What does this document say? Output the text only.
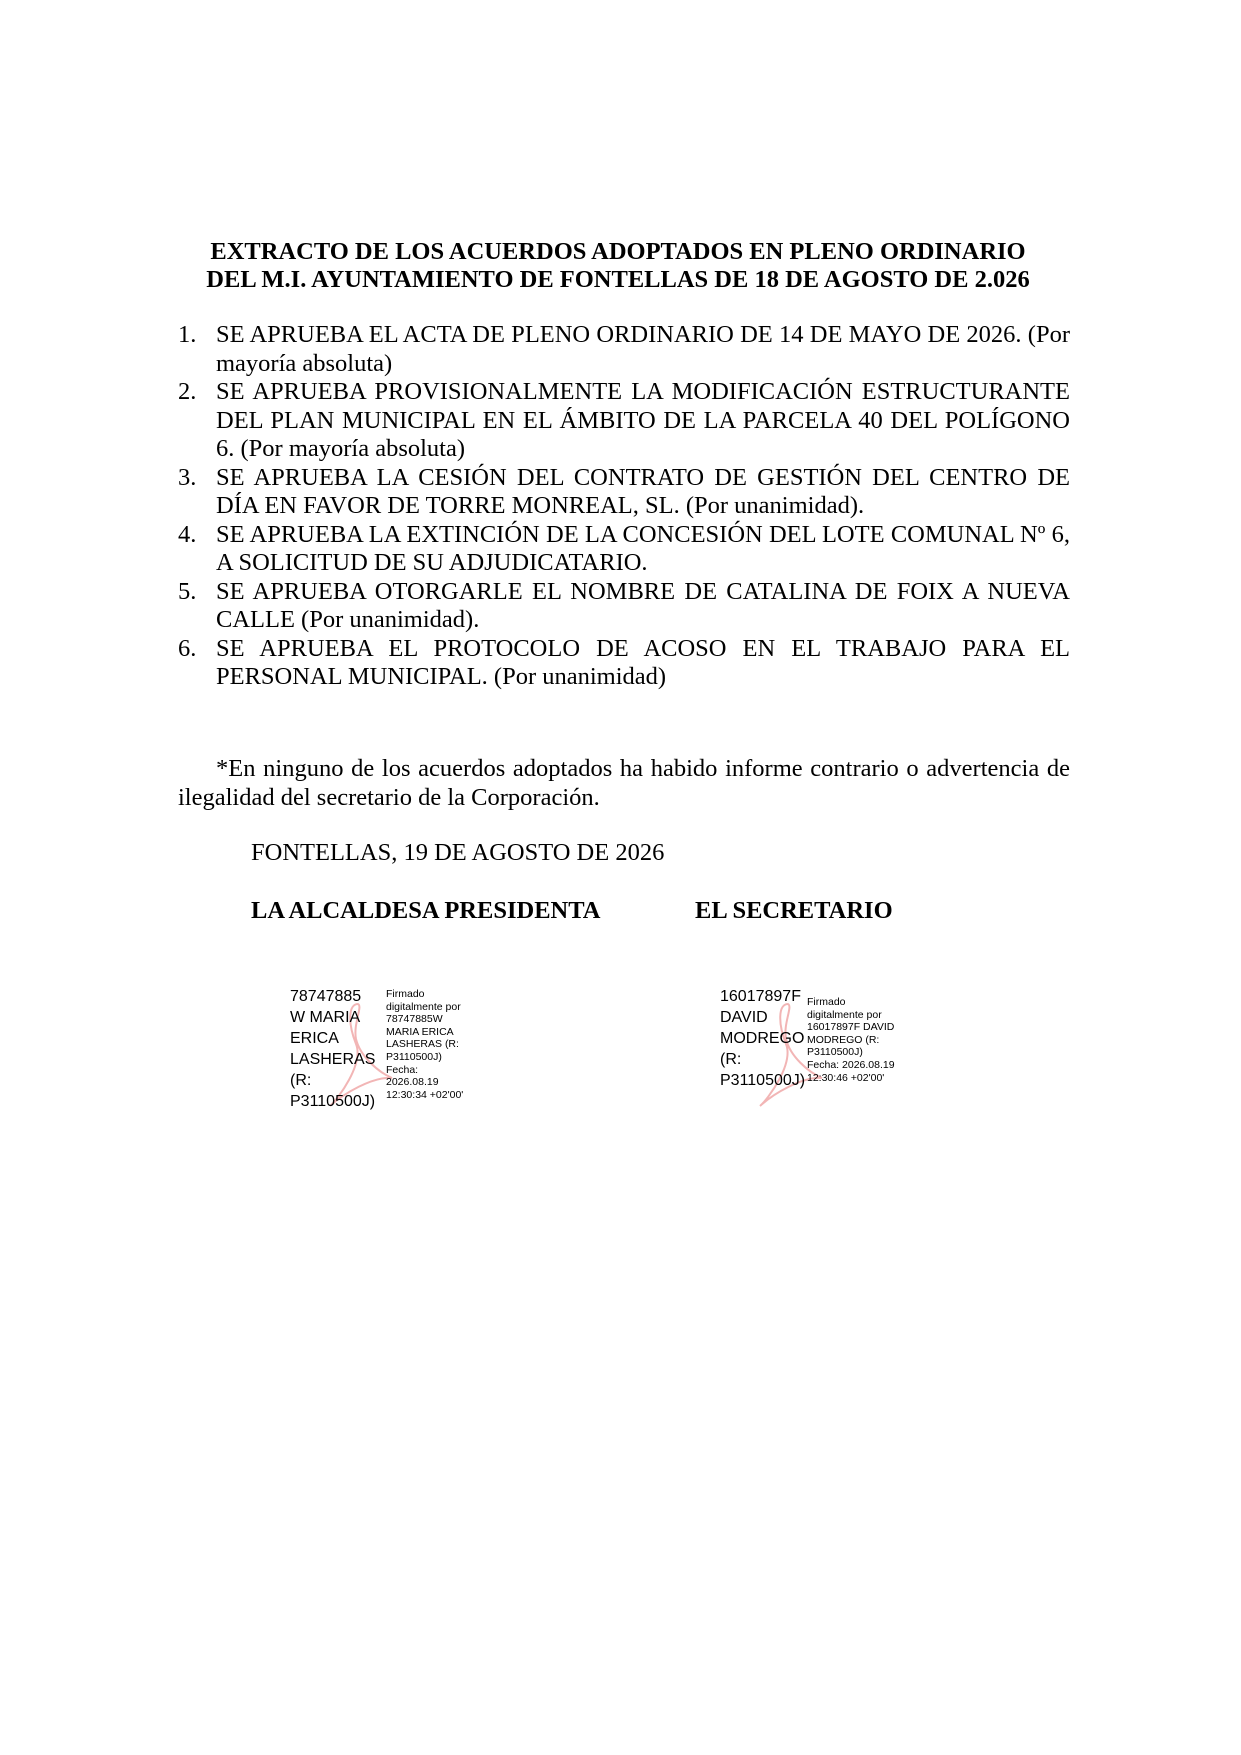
EXTRACTO DE LOS ACUERDOS ADOPTADOS EN PLENO ORDINARIO
DEL M.I. AYUNTAMIENTO DE FONTELLAS DE 18 DE AGOSTO DE 2.026
1. SE APRUEBA EL ACTA DE PLENO ORDINARIO DE 14 DE MAYO DE 2026. (Por mayoría absoluta)
2. SE APRUEBA PROVISIONALMENTE LA MODIFICACIÓN ESTRUCTURANTE DEL PLAN MUNICIPAL EN EL ÁMBITO DE LA PARCELA 40 DEL POLÍGONO 6. (Por mayoría absoluta)
3. SE APRUEBA LA CESIÓN DEL CONTRATO DE GESTIÓN DEL CENTRO DE DÍA EN FAVOR DE TORRE MONREAL, SL. (Por unanimidad).
4. SE APRUEBA LA EXTINCIÓN DE LA CONCESIÓN DEL LOTE COMUNAL Nº 6, A SOLICITUD DE SU ADJUDICATARIO.
5. SE APRUEBA OTORGARLE EL NOMBRE DE CATALINA DE FOIX A NUEVA CALLE (Por unanimidad).
6. SE APRUEBA EL PROTOCOLO DE ACOSO EN EL TRABAJO PARA EL PERSONAL MUNICIPAL. (Por unanimidad)
*En ninguno de los acuerdos adoptados ha habido informe contrario o advertencia de ilegalidad del secretario de la Corporación.
FONTELLAS, 19 DE AGOSTO DE 2026
LA ALCALDESA PRESIDENTA	EL SECRETARIO
78747885
W MARIA
ERICA
LASHERAS
(R:
P3110500J)
Firmado
digitalmente por
78747885W
MARIA ERICA
LASHERAS (R:
P3110500J)
Fecha:
2026.08.19
12:30:34 +02'00'
16017897F
DAVID
MODREGO
(R:
P3110500J)
Firmado
digitalmente por
16017897F DAVID
MODREGO (R:
P3110500J)
Fecha: 2026.08.19
12:30:46 +02'00'
